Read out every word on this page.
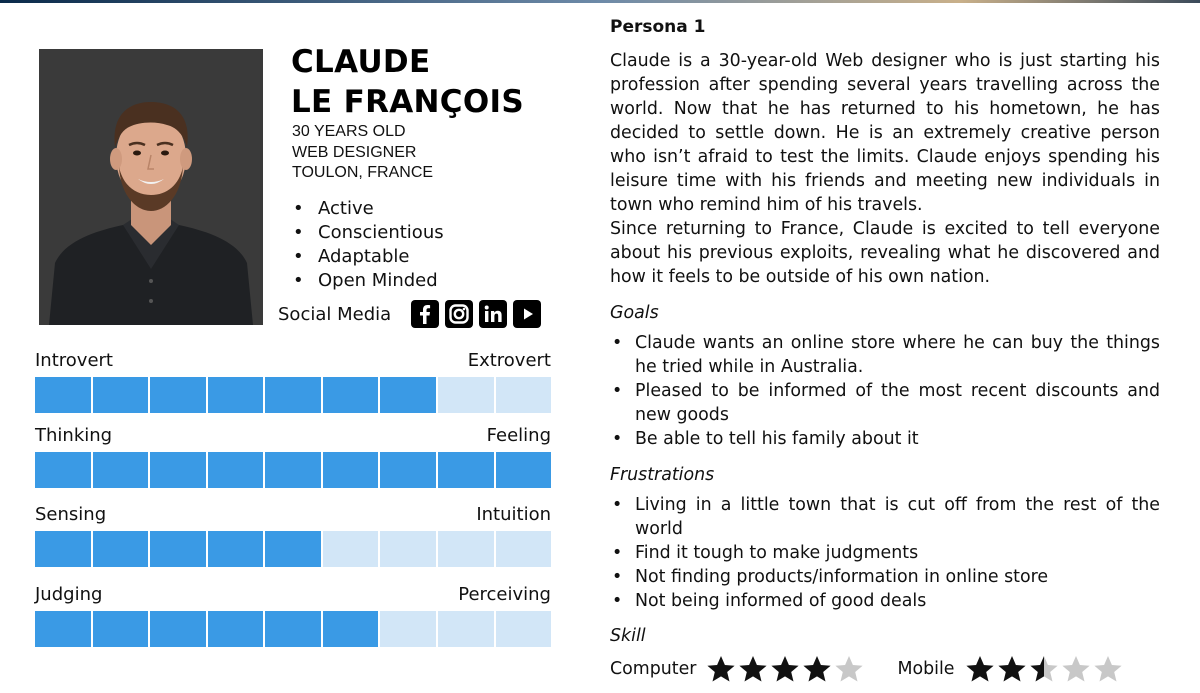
CLAUDE
LE FRANÇOIS
30 YEARS OLD
WEB DESIGNER
TOULON, FRANCE
• Active
• Conscientious
• Adaptable
• Open Minded
Social Media
Introvert	Extrovert
Thinking	Feeling
Sensing	Intuition
Judging	Perceiving
Persona 1

Claude is a 30-year-old Web designer who is just starting his profession after spending several years travelling across the world. Now that he has returned to his hometown, he has decided to settle down. He is an extremely creative person who isn’t afraid to test the limits. Claude enjoys spending his leisure time with his friends and meeting new individuals in town who remind him of his travels.
Since returning to France, Claude is excited to tell everyone about his previous exploits, revealing what he discovered and how it feels to be outside of his own nation.

Goals
• Claude wants an online store where he can buy the things he tried while in Australia.
• Pleased to be informed of the most recent discounts and new goods
• Be able to tell his family about it
Frustrations
• Living in a little town that is cut off from the rest of the world
• Find it tough to make judgments
• Not finding products/information in online store
• Not being informed of good deals
Skill
Computer	Mobile
